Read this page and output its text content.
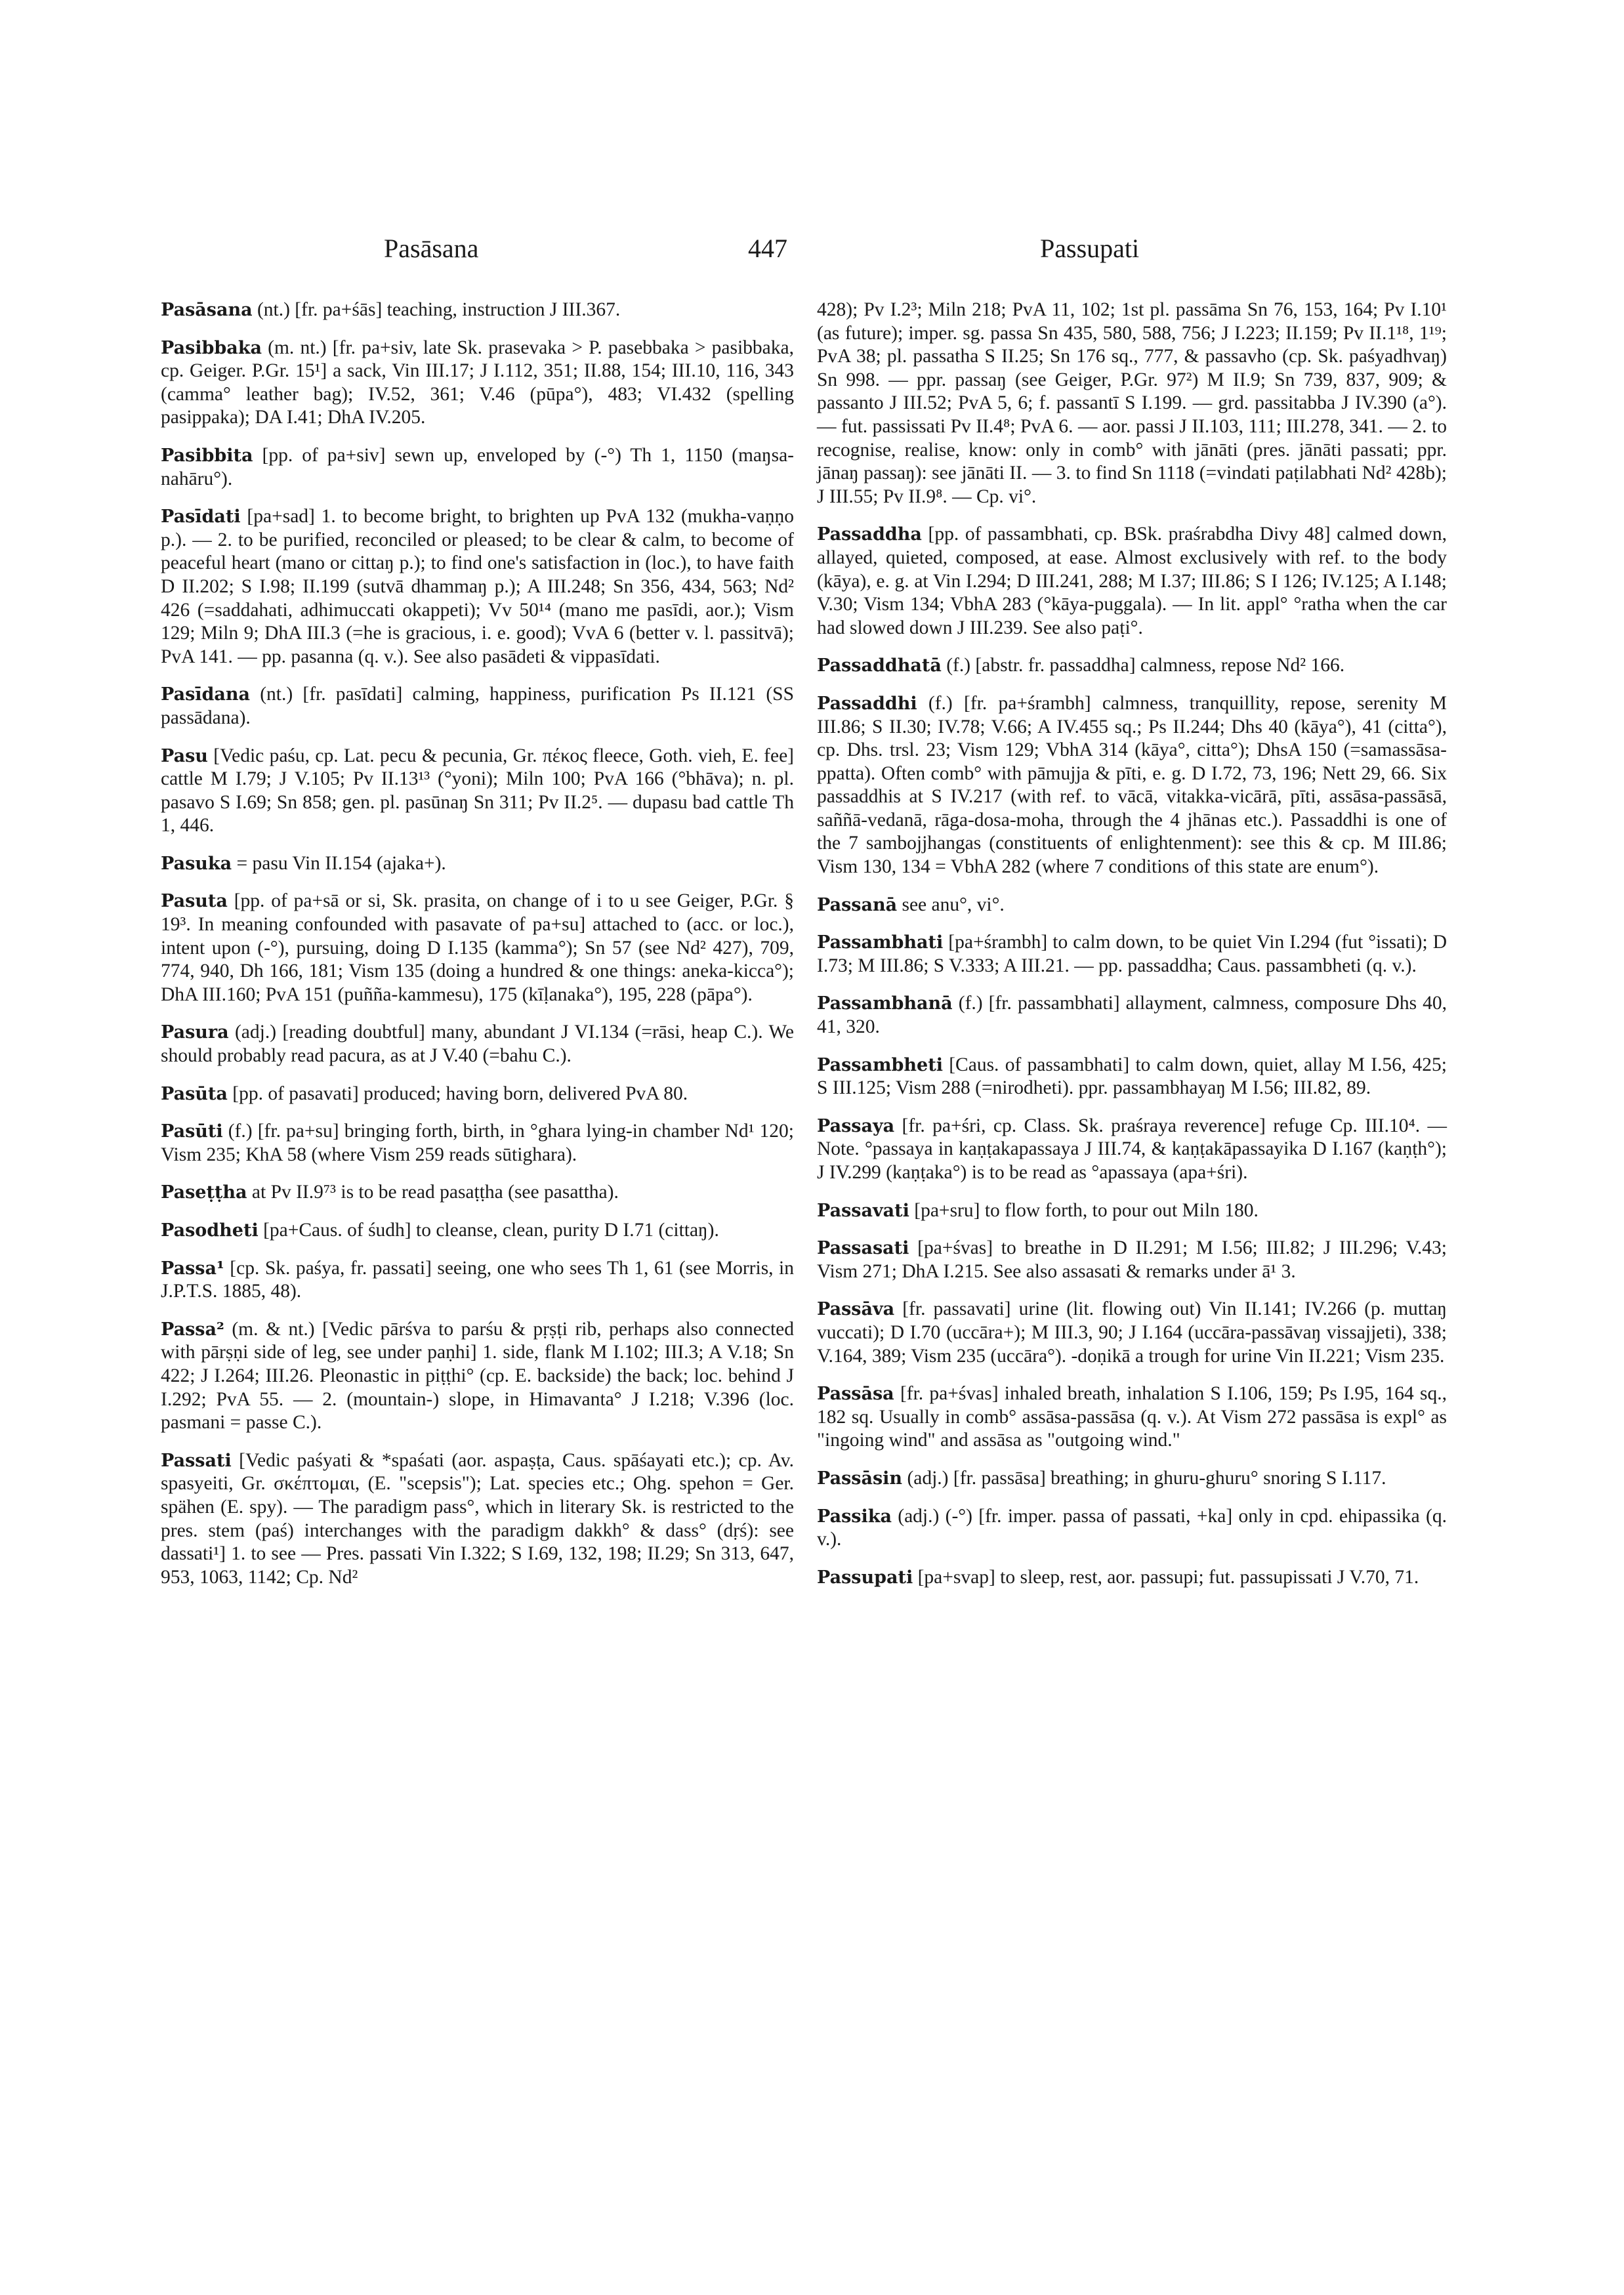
Pasāsana	447	Passupati

Pasāsana (nt.) [fr. pa+śās] teaching, instruction J III.367.

Pasibbaka (m. nt.) [fr. pa+siv, late Sk. prasevaka > P. pasebbaka > pasibbaka, cp. Geiger. P.Gr. 15¹] a sack, Vin III.17; J I.112, 351; II.88, 154; III.10, 116, 343 (camma° leather bag); IV.52, 361; V.46 (pūpa°), 483; VI.432 (spelling pasippaka); DA I.41; DhA IV.205.

Pasibbita [pp. of pa+siv] sewn up, enveloped by (-°) Th 1, 1150 (maŋsa-nahāru°).

Pasīdati [pa+sad] 1. to become bright, to brighten up PvA 132 (mukha-vaṇṇo p.). — 2. to be purified, reconciled or pleased; to be clear & calm, to become of peaceful heart (mano or cittaŋ p.); to find one's satisfaction in (loc.), to have faith D II.202; S I.98; II.199 (sutvā dhammaŋ p.); A III.248; Sn 356, 434, 563; Nd² 426 (=saddahati, adhimuccati okappeti); Vv 50¹⁴ (mano me pasīdi, aor.); Vism 129; Miln 9; DhA III.3 (=he is gracious, i. e. good); VvA 6 (better v. l. passitvā); PvA 141. — pp. pasanna (q. v.). See also pasādeti & vippasīdati.

Pasīdana (nt.) [fr. pasīdati] calming, happiness, purification Ps II.121 (SS passādana).

Pasu [Vedic paśu, cp. Lat. pecu & pecunia, Gr. πέκος fleece, Goth. vieh, E. fee] cattle M I.79; J V.105; Pv II.13¹³ (°yoni); Miln 100; PvA 166 (°bhāva); n. pl. pasavo S I.69; Sn 858; gen. pl. pasūnaŋ Sn 311; Pv II.2⁵. — dupasu bad cattle Th 1, 446.

Pasuka = pasu Vin II.154 (ajaka+).

Pasuta [pp. of pa+sā or si, Sk. prasita, on change of i to u see Geiger, P.Gr. § 19³. In meaning confounded with pasavate of pa+su] attached to (acc. or loc.), intent upon (-°), pursuing, doing D I.135 (kamma°); Sn 57 (see Nd² 427), 709, 774, 940, Dh 166, 181; Vism 135 (doing a hundred & one things: aneka-kicca°); DhA III.160; PvA 151 (puñña-kammesu), 175 (kīḷanaka°), 195, 228 (pāpa°).

Pasura (adj.) [reading doubtful] many, abundant J VI.134 (=rāsi, heap C.). We should probably read pacura, as at J V.40 (=bahu C.).

Pasūta [pp. of pasavati] produced; having born, delivered PvA 80.

Pasūti (f.) [fr. pa+su] bringing forth, birth, in °ghara lying-in chamber Nd¹ 120; Vism 235; KhA 58 (where Vism 259 reads sūtighara).

Paseṭṭha at Pv II.9⁷³ is to be read pasaṭṭha (see pasattha).

Pasodheti [pa+Caus. of śudh] to cleanse, clean, purity D I.71 (cittaŋ).

Passa¹ [cp. Sk. paśya, fr. passati] seeing, one who sees Th 1, 61 (see Morris, in J.P.T.S. 1885, 48).

Passa² (m. & nt.) [Vedic pārśva to parśu & pṛṣṭi rib, perhaps also connected with pārṣṇi side of leg, see under paṇhi] 1. side, flank M I.102; III.3; A V.18; Sn 422; J I.264; III.26. Pleonastic in piṭṭhi° (cp. E. backside) the back; loc. behind J I.292; PvA 55. — 2. (mountain-) slope, in Himavanta° J I.218; V.396 (loc. pasmani = passe C.).

Passati [Vedic paśyati & *spaśati (aor. aspaṣṭa, Caus. spāśayati etc.); cp. Av. spasyeiti, Gr. σκέπτομαι, (E. "scepsis"); Lat. species etc.; Ohg. spehon = Ger. spähen (E. spy). — The paradigm pass°, which in literary Sk. is restricted to the pres. stem (paś) interchanges with the paradigm dakkh° & dass° (dṛś): see dassati¹] 1. to see — Pres. passati Vin I.322; S I.69, 132, 198; II.29; Sn 313, 647, 953, 1063, 1142; Cp. Nd²

428); Pv I.2³; Miln 218; PvA 11, 102; 1st pl. passāma Sn 76, 153, 164; Pv I.10¹ (as future); imper. sg. passa Sn 435, 580, 588, 756; J I.223; II.159; Pv II.1¹⁸, 1¹⁹; PvA 38; pl. passatha S II.25; Sn 176 sq., 777, & passavho (cp. Sk. paśyadhvaŋ) Sn 998. — ppr. passaŋ (see Geiger, P.Gr. 97²) M II.9; Sn 739, 837, 909; & passanto J III.52; PvA 5, 6; f. passantī S I.199. — grd. passitabba J IV.390 (a°). — fut. passissati Pv II.4⁸; PvA 6. — aor. passi J II.103, 111; III.278, 341. — 2. to recognise, realise, know: only in comb° with jānāti (pres. jānāti passati; ppr. jānaŋ passaŋ): see jānāti II. — 3. to find Sn 1118 (=vindati paṭilabhati Nd² 428b); J III.55; Pv II.9⁸. — Cp. vi°.

Passaddha [pp. of passambhati, cp. BSk. praśrabdha Divy 48] calmed down, allayed, quieted, composed, at ease. Almost exclusively with ref. to the body (kāya), e. g. at Vin I.294; D III.241, 288; M I.37; III.86; S I 126; IV.125; A I.148; V.30; Vism 134; VbhA 283 (°kāya-puggala). — In lit. appl° °ratha when the car had slowed down J III.239. See also paṭi°.

Passaddhatā (f.) [abstr. fr. passaddha] calmness, repose Nd² 166.

Passaddhi (f.) [fr. pa+śrambh] calmness, tranquillity, repose, serenity M III.86; S II.30; IV.78; V.66; A IV.455 sq.; Ps II.244; Dhs 40 (kāya°), 41 (citta°), cp. Dhs. trsl. 23; Vism 129; VbhA 314 (kāya°, citta°); DhsA 150 (=samassāsa-ppatta). Often comb° with pāmujja & pīti, e. g. D I.72, 73, 196; Nett 29, 66. Six passaddhis at S IV.217 (with ref. to vācā, vitakka-vicārā, pīti, assāsa-passāsā, saññā-vedanā, rāga-dosa-moha, through the 4 jhānas etc.). Passaddhi is one of the 7 sambojjhangas (constituents of enlightenment): see this & cp. M III.86; Vism 130, 134 = VbhA 282 (where 7 conditions of this state are enum°).

Passanā see anu°, vi°.

Passambhati [pa+śrambh] to calm down, to be quiet Vin I.294 (fut °issati); D I.73; M III.86; S V.333; A III.21. — pp. passaddha; Caus. passambheti (q. v.).

Passambhanā (f.) [fr. passambhati] allayment, calmness, composure Dhs 40, 41, 320.

Passambheti [Caus. of passambhati] to calm down, quiet, allay M I.56, 425; S III.125; Vism 288 (=nirodheti). ppr. passambhayaŋ M I.56; III.82, 89.

Passaya [fr. pa+śri, cp. Class. Sk. praśraya reverence] refuge Cp. III.10⁴. — Note. °passaya in kaṇṭakapassaya J III.74, & kaṇṭakāpassayika D I.167 (kaṇṭh°); J IV.299 (kaṇṭaka°) is to be read as °apassaya (apa+śri).

Passavati [pa+sru] to flow forth, to pour out Miln 180.

Passasati [pa+śvas] to breathe in D II.291; M I.56; III.82; J III.296; V.43; Vism 271; DhA I.215. See also assasati & remarks under ā¹ 3.

Passāva [fr. passavati] urine (lit. flowing out) Vin II.141; IV.266 (p. muttaŋ vuccati); D I.70 (uccāra+); M III.3, 90; J I.164 (uccāra-passāvaŋ vissajjeti), 338; V.164, 389; Vism 235 (uccāra°). -doṇikā a trough for urine Vin II.221; Vism 235.

Passāsa [fr. pa+śvas] inhaled breath, inhalation S I.106, 159; Ps I.95, 164 sq., 182 sq. Usually in comb° assāsa-passāsa (q. v.). At Vism 272 passāsa is expl° as "ingoing wind" and assāsa as "outgoing wind."

Passāsin (adj.) [fr. passāsa] breathing; in ghuru-ghuru° snoring S I.117.

Passika (adj.) (-°) [fr. imper. passa of passati, +ka] only in cpd. ehipassika (q. v.).

Passupati [pa+svap] to sleep, rest, aor. passupi; fut. passupissati J V.70, 71.
